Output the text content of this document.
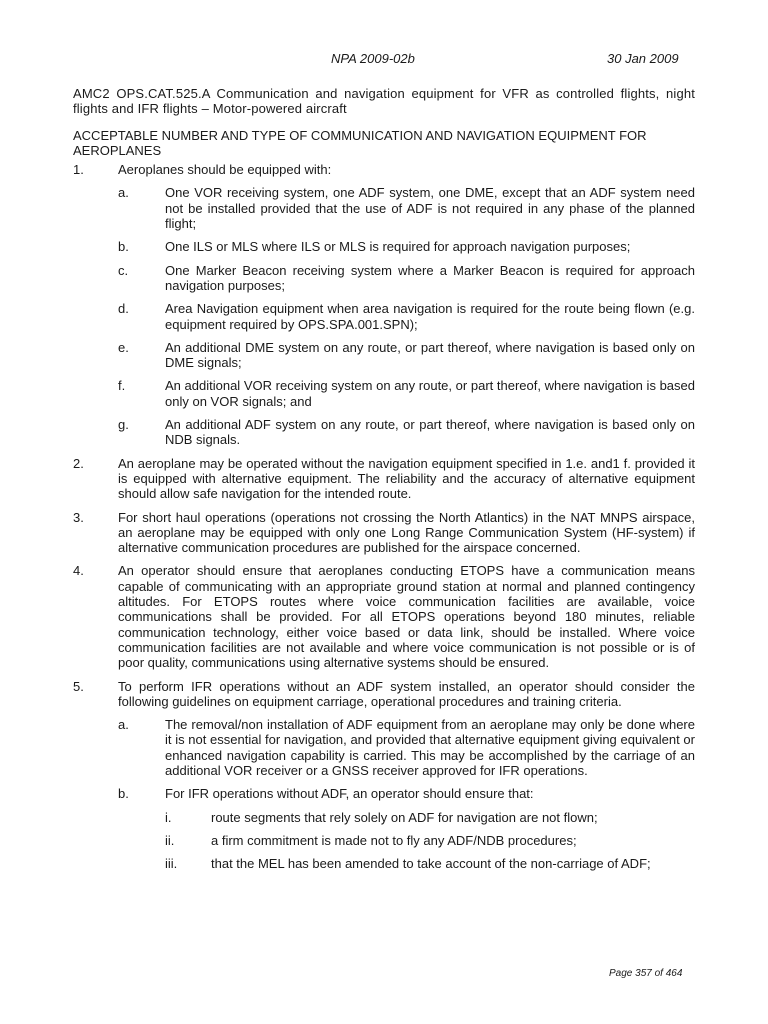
NPA 2009-02b	30 Jan 2009
AMC2 OPS.CAT.525.A Communication and navigation equipment for VFR as controlled flights, night flights and IFR flights – Motor-powered aircraft
ACCEPTABLE NUMBER AND TYPE OF COMMUNICATION AND NAVIGATION EQUIPMENT FOR AEROPLANES
1.	Aeroplanes should be equipped with:
a.	One VOR receiving system, one ADF system, one DME, except that an ADF system need not be installed provided that the use of ADF is not required in any phase of the planned flight;
b.	One ILS or MLS where ILS or MLS is required for approach navigation purposes;
c.	One Marker Beacon receiving system where a Marker Beacon is required for approach navigation purposes;
d.	Area Navigation equipment when area navigation is required for the route being flown (e.g. equipment required by OPS.SPA.001.SPN);
e.	An additional DME system on any route, or part thereof, where navigation is based only on DME signals;
f.	An additional VOR receiving system on any route, or part thereof, where navigation is based only on VOR signals; and
g.	An additional ADF system on any route, or part thereof, where navigation is based only on NDB signals.
2.	An aeroplane may be operated without the navigation equipment specified in 1.e. and1 f. provided it is equipped with alternative equipment. The reliability and the accuracy of alternative equipment should allow safe navigation for the intended route.
3.	For short haul operations (operations not crossing the North Atlantics) in the NAT MNPS airspace, an aeroplane may be equipped with only one Long Range Communication System (HF-system) if alternative communication procedures are published for the airspace concerned.
4.	An operator should ensure that aeroplanes conducting ETOPS have a communication means capable of communicating with an appropriate ground station at normal and planned contingency altitudes. For ETOPS routes where voice communication facilities are available, voice communications shall be provided. For all ETOPS operations beyond 180 minutes, reliable communication technology, either voice based or data link, should be installed. Where voice communication facilities are not available and where voice communication is not possible or is of poor quality, communications using alternative systems should be ensured.
5.	To perform IFR operations without an ADF system installed, an operator should consider the following guidelines on equipment carriage, operational procedures and training criteria.
a.	The removal/non installation of ADF equipment from an aeroplane may only be done where it is not essential for navigation, and provided that alternative equipment giving equivalent or enhanced navigation capability is carried. This may be accomplished by the carriage of an additional VOR receiver or a GNSS receiver approved for IFR operations.
b.	For IFR operations without ADF, an operator should ensure that:
i.	route segments that rely solely on ADF for navigation are not flown;
ii.	a firm commitment is made not to fly any ADF/NDB procedures;
iii.	that the MEL has been amended to take account of the non-carriage of ADF;
Page 357 of 464
